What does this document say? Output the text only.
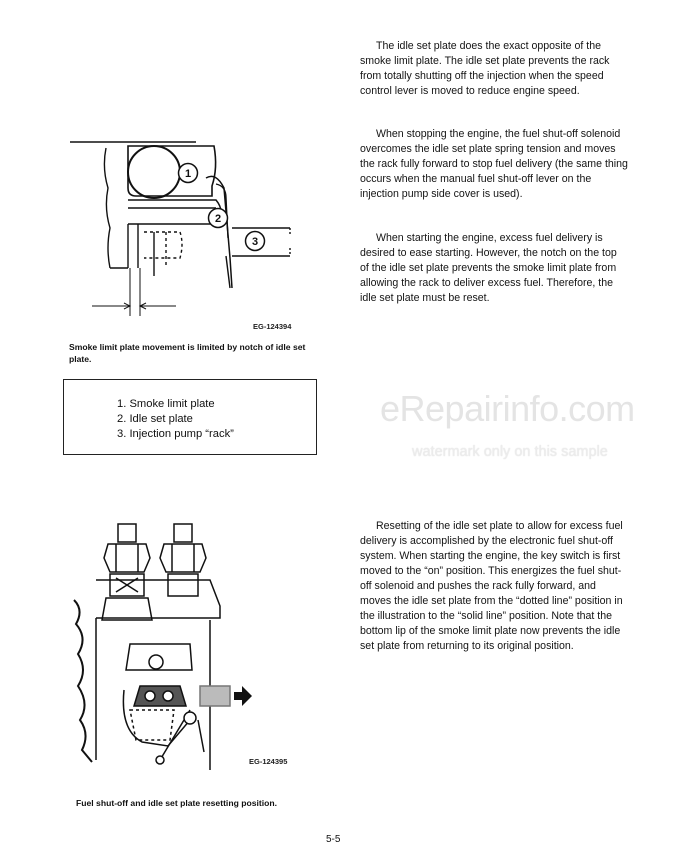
The idle set plate does the exact opposite of the smoke limit plate. The idle set plate prevents the rack from totally shutting off the injection when the speed control lever is moved to reduce engine speed.

When stopping the engine, the fuel shut-off solenoid overcomes the idle set plate spring tension and moves the rack fully forward to stop fuel delivery (the same thing occurs when the manual fuel shut-off lever on the injection pump side cover is used).

When starting the engine, excess fuel delivery is desired to ease starting. However, the notch on the top of the idle set plate prevents the smoke limit plate from allowing the rack to deliver excess fuel. Therefore, the idle set plate must be reset.

Resetting of the idle set plate to allow for excess fuel delivery is accomplished by the electronic fuel shut-off system. When starting the engine, the key switch is first moved to the “on” position. This energizes the fuel shut-off solenoid and pushes the rack fully forward, and moves the idle set plate from the “dotted line” position in the illustration to the “solid line” position. Note that the bottom lip of the smoke limit plate now prevents the idle set plate from returning to its original position.

1
2
3
EG-124394

Smoke limit plate movement is limited by notch of idle set plate.

1. Smoke limit plate
2. Idle set plate
3. Injection pump “rack”
eRepairinfo.com
watermark only on this sample
EG-124395

Fuel shut-off and idle set plate resetting position.

5-5
